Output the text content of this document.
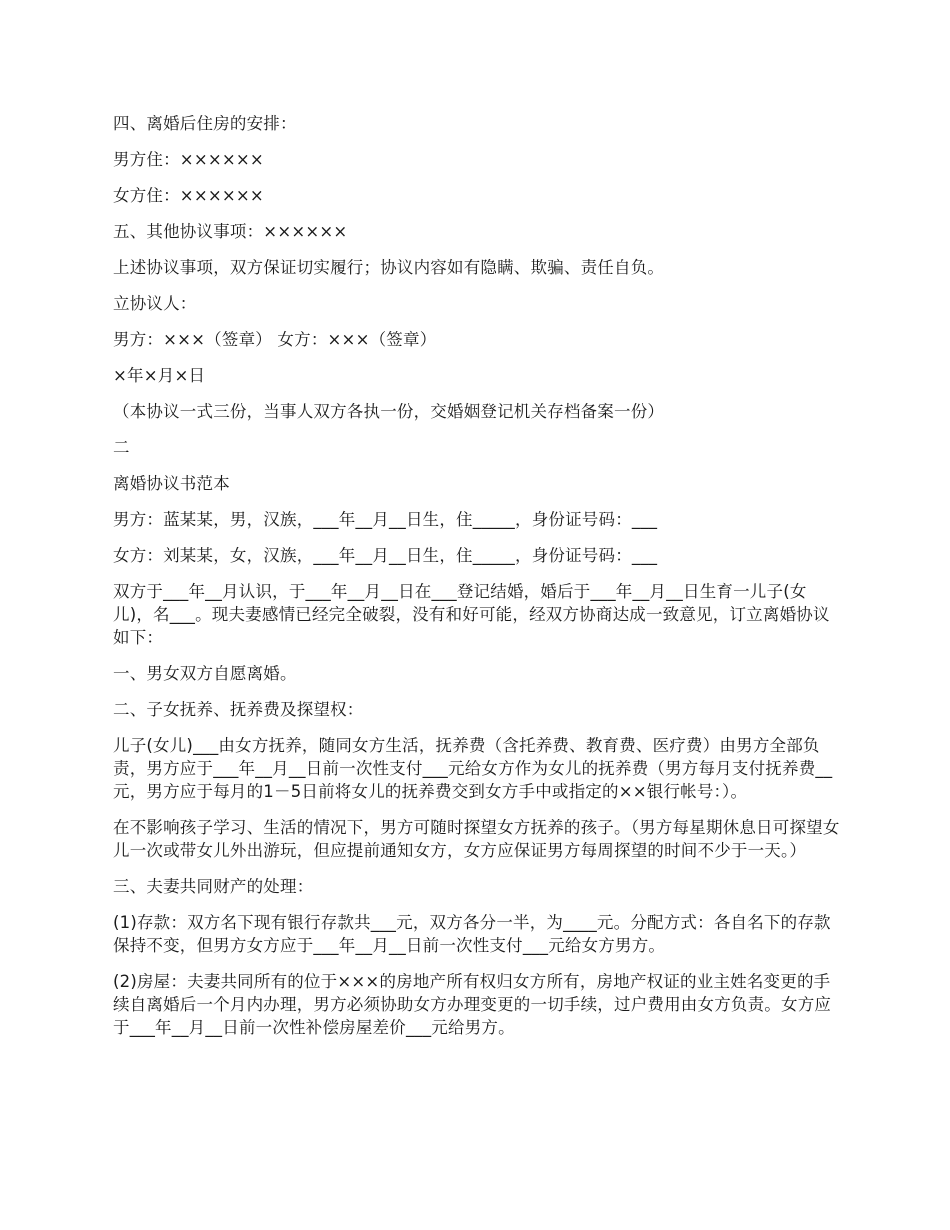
四、离婚后住房的安排：

男方住：××××××

女方住：××××××

五、其他协议事项：××××××

上述协议事项，双方保证切实履行；协议内容如有隐瞒、欺骗、责任自负。

立协议人：

男方：×××（签章） 女方：×××（签章）

×年×月×日

（本协议一式三份，当事人双方各执一份，交婚姻登记机关存档备案一份）

二

离婚协议书范本

男方：蓝某某，男，汉族，___年__月__日生，住_____，身份证号码：___

女方：刘某某，女，汉族，___年__月__日生，住_____，身份证号码：___

双方于___年__月认识，于___年__月__日在___登记结婚，婚后于___年__月__日生育一儿子(女儿)，名___。现夫妻感情已经完全破裂，没有和好可能，经双方协商达成一致意见，订立离婚协议如下：

一、男女双方自愿离婚。

二、子女抚养、抚养费及探望权：

儿子(女儿)___由女方抚养，随同女方生活，抚养费（含托养费、教育费、医疗费）由男方全部负责，男方应于___年__月__日前一次性支付___元给女方作为女儿的抚养费（男方每月支付抚养费__元，男方应于每月的1－5日前将女儿的抚养费交到女方手中或指定的××银行帐号：）。

在不影响孩子学习、生活的情况下，男方可随时探望女方抚养的孩子。（男方每星期休息日可探望女儿一次或带女儿外出游玩，但应提前通知女方，女方应保证男方每周探望的时间不少于一天。）

三、夫妻共同财产的处理：

(1)存款：双方名下现有银行存款共___元，双方各分一半，为____元。分配方式：各自名下的存款保持不变，但男方女方应于___年__月__日前一次性支付___元给女方男方。

(2)房屋：夫妻共同所有的位于×××的房地产所有权归女方所有，房地产权证的业主姓名变更的手续自离婚后一个月内办理，男方必须协助女方办理变更的一切手续，过户费用由女方负责。女方应于___年__月__日前一次性补偿房屋差价___元给男方。
